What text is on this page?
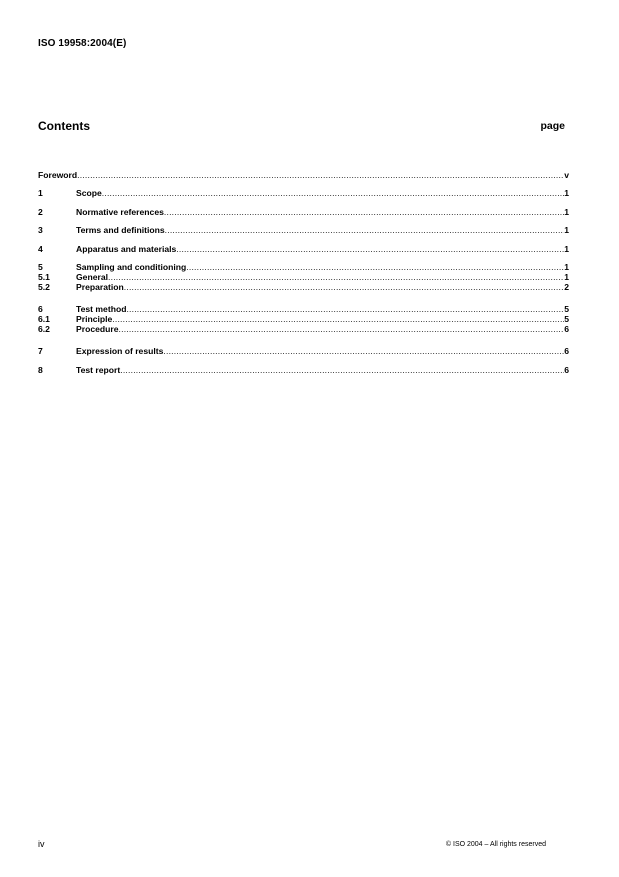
ISO 19958:2004(E)
Contents	page
Foreword .....	v
1	Scope .....	1
2	Normative references .....	1
3	Terms and definitions .....	1
4	Apparatus and materials .....	1
5	Sampling and conditioning .....	1
5.1	General .....	1
5.2	Preparation .....	2
6	Test method .....	5
6.1	Principle .....	5
6.2	Procedure .....	6
7	Expression of results .....	6
8	Test report .....	6
iv	© ISO 2004 – All rights reserved
